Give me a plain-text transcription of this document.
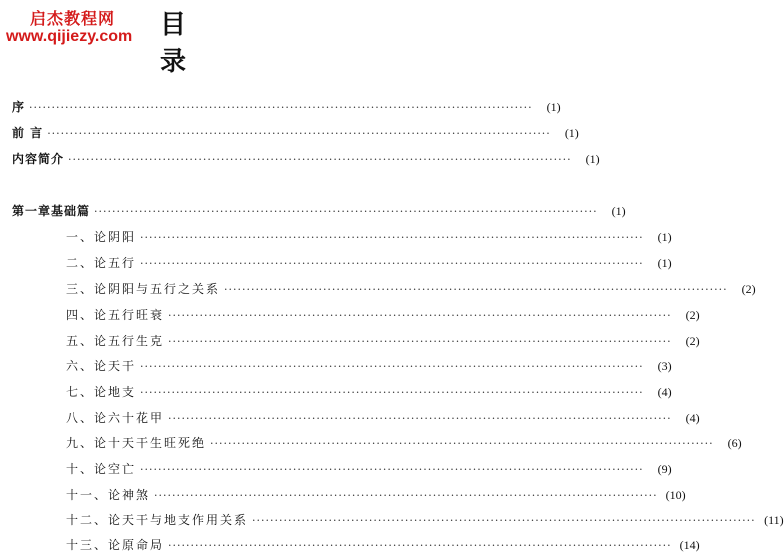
启杰教程网
www.qijiezy.com 目 录
序 ················································································································	(1)
前 言 ················································································································	(1)
内容简介 ················································································································	(1)
第一章 基础篇 ················································································································	(1)
一、论阴阳 ················································································································	(1)
二、论五行 ················································································································	(1)
三、论阴阳与五行之关系 ················································································································	(2)
四、论五行旺衰 ················································································································	(2)
五、论五行生克 ················································································································	(2)
六、论天干 ················································································································	(3)
七、论地支 ················································································································	(4)
八、论六十花甲 ················································································································	(4)
九、论十天干生旺死绝 ················································································································	(6)
十、论空亡 ················································································································	(9)
十一、论神煞 ················································································································ (10)
十二、论天干与地支作用关系 ················································································································ (11)
十三、论原命局 ················································································································ (14)
